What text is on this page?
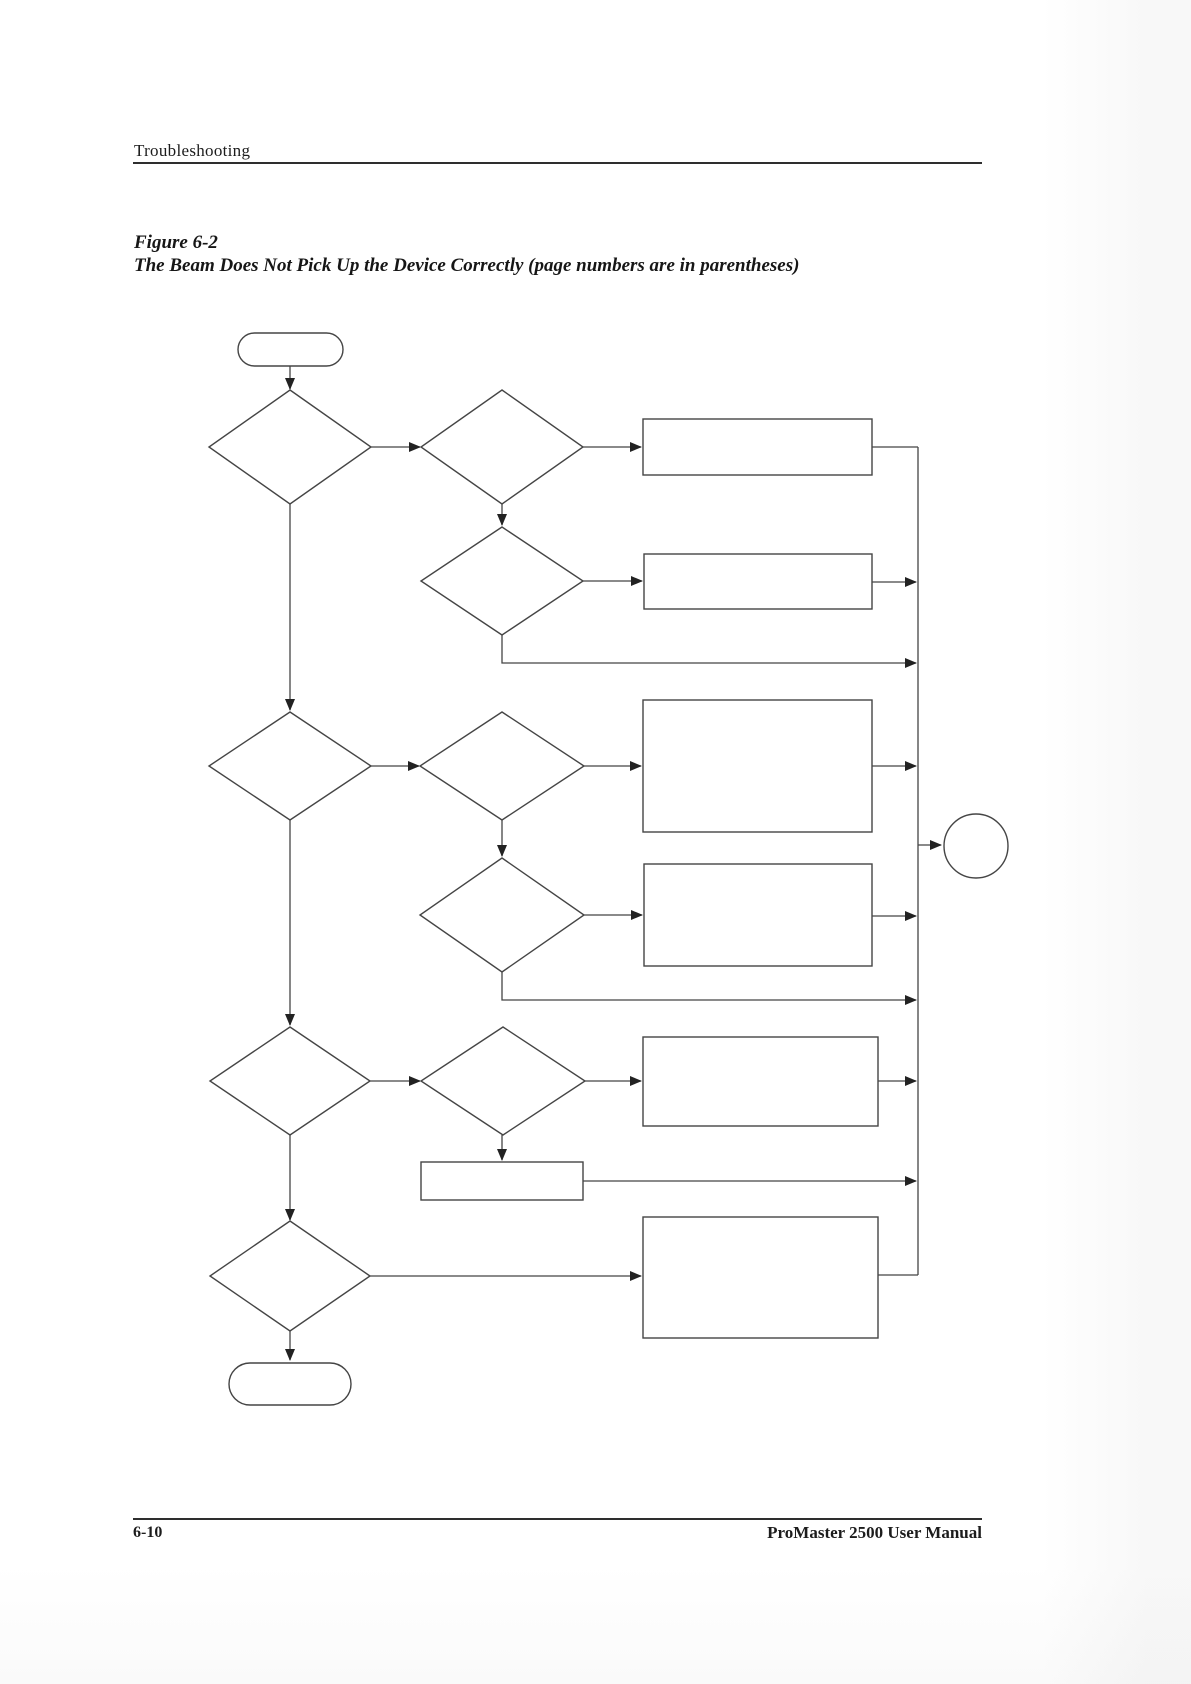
Troubleshooting
Figure 6-2
The Beam Does Not Pick Up the Device Correctly (page numbers are in parentheses)
6-10	ProMaster 2500 User Manual
